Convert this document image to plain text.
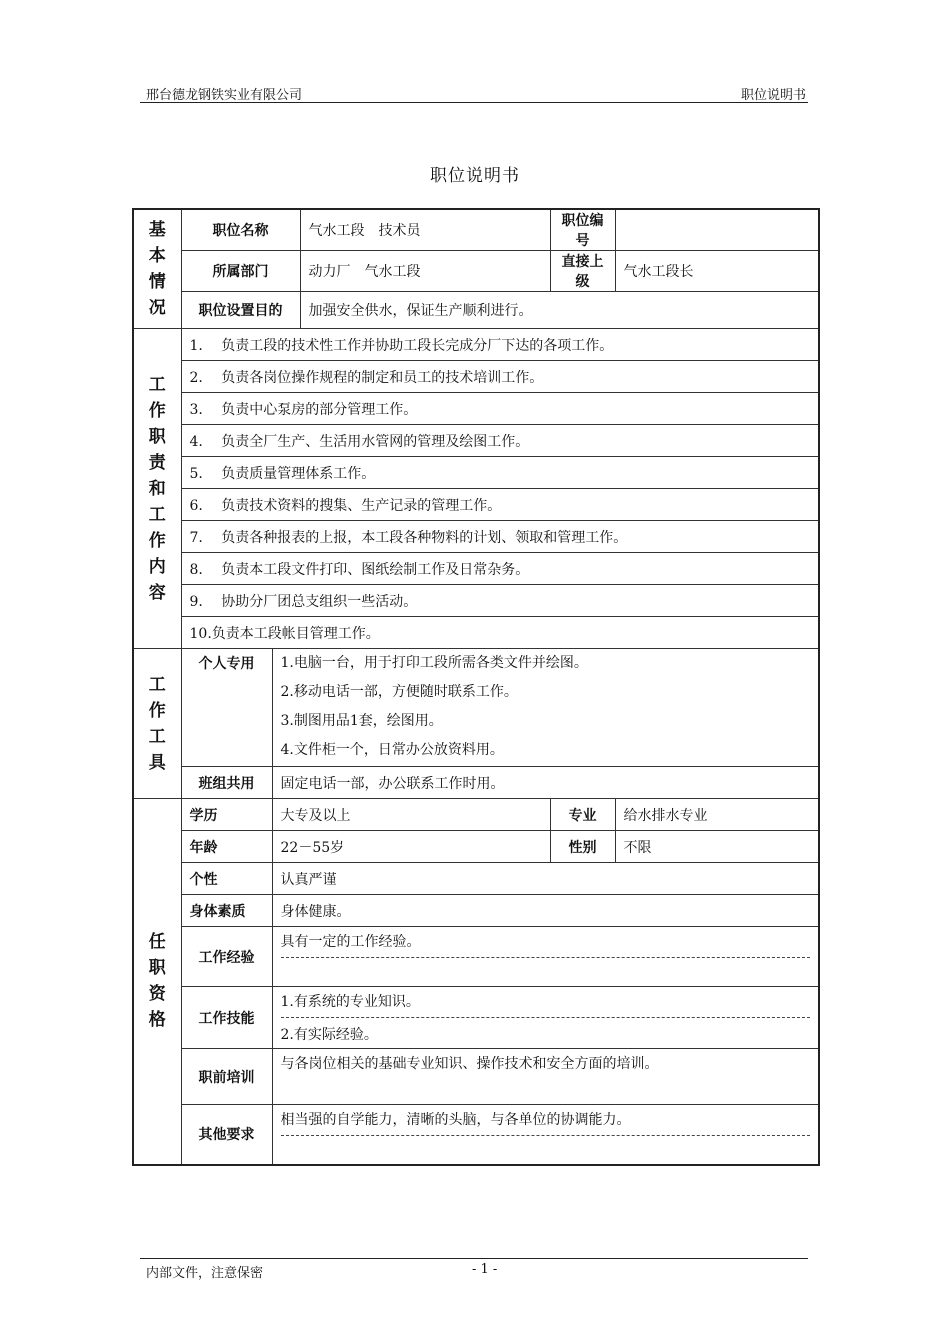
邢台德龙钢铁实业有限公司	职位说明书
职位说明书
基本情况	职位名称		气水工段　技术员	职位编号	
	所属部门		动力厂　气水工段	直接上级	气水工段长
	职位设置目的		加强安全供水，保证生产顺利进行。		

工作职责和工作内容	1.　 负责工段的技术性工作并协助工段长完成分厂下达的各项工作。				
	2.　 负责各岗位操作规程的制定和员工的技术培训工作。				
	3.　 负责中心泵房的部分管理工作。				
	4.　 负责全厂生产、生活用水管网的管理及绘图工作。				
	5.　 负责质量管理体系工作。				
	6.　 负责技术资料的搜集、生产记录的管理工作。				
	7.　 负责各种报表的上报，本工段各种物料的计划、领取和管理工作。				
	8.　 负责本工段文件打印、图纸绘制工作及日常杂务。				
	9.　 协助分厂团总支组织一些活动。				
	10.负责本工段帐目管理工作。				

工作工具	个人专用	1.电脑一台，用于打印工段所需各类文件并绘图。
2.移动电话一部，方便随时联系工作。
3.制图用品1套，绘图用。
4.文件柜一个，日常办公放资料用。			

	班组共用	固定电话一部，办公联系工作时用。			

任职资格	学历	大专及以上		专业	给水排水专业
	年龄	22－55岁		性别	不限
	个性	认真严谨			
	身体素质	身体健康。			
	工作经验	具有一定的工作经验。			

	工作技能	1.有系统的专业知识。
2.有实际经验。			

	职前培训	与各岗位相关的基础专业知识、操作技术和安全方面的培训。			

	其他要求	相当强的自学能力，清晰的头脑，与各单位的协调能力。			
内部文件，注意保密	- 1 -
